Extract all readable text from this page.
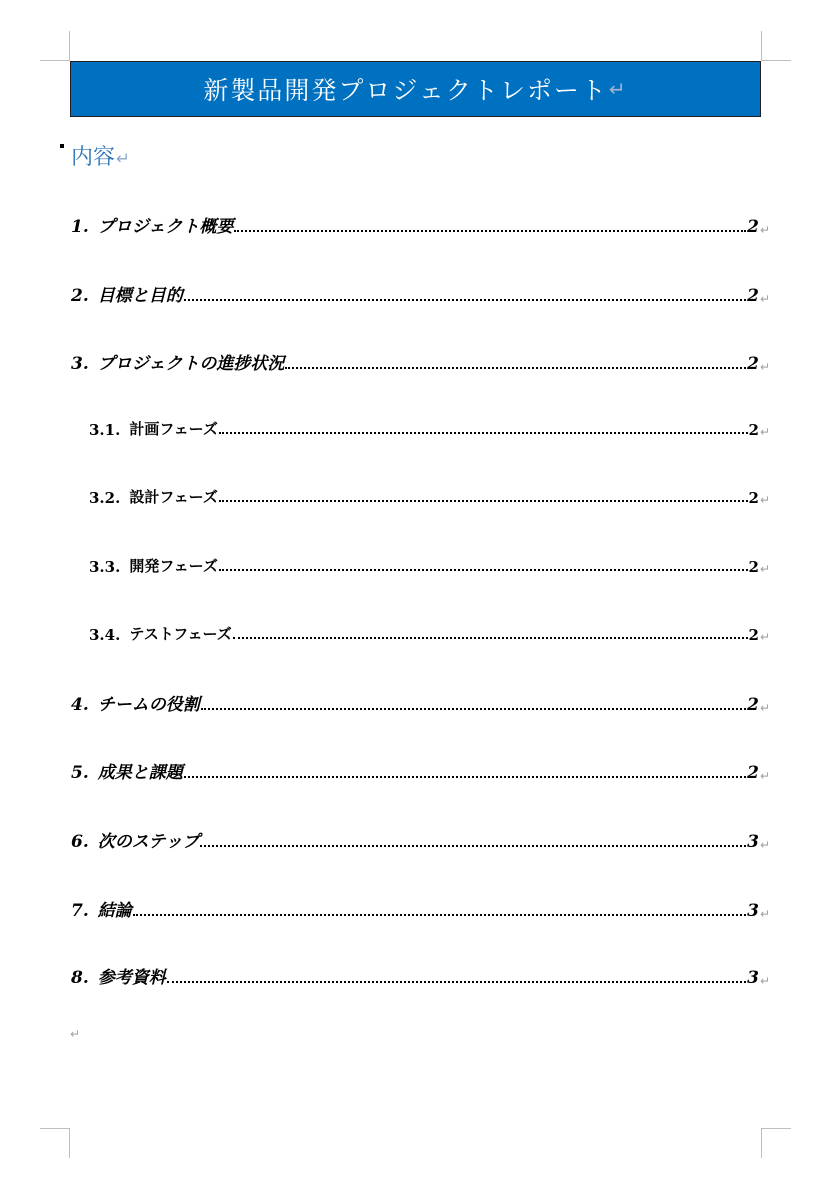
新製品開発プロジェクトレポート ↵
内容↵
1. プロジェクト概要	2 ↵
2. 目標と目的	2 ↵
3. プロジェクトの進捗状況	2 ↵
3.1. 計画フェーズ	2 ↵
3.2. 設計フェーズ	2 ↵
3.3. 開発フェーズ	2 ↵
3.4. テストフェーズ	2 ↵
4. チームの役割	2 ↵
5. 成果と課題	2 ↵
6. 次のステップ	3 ↵
7. 結論	3 ↵
8. 参考資料	3 ↵
↵
